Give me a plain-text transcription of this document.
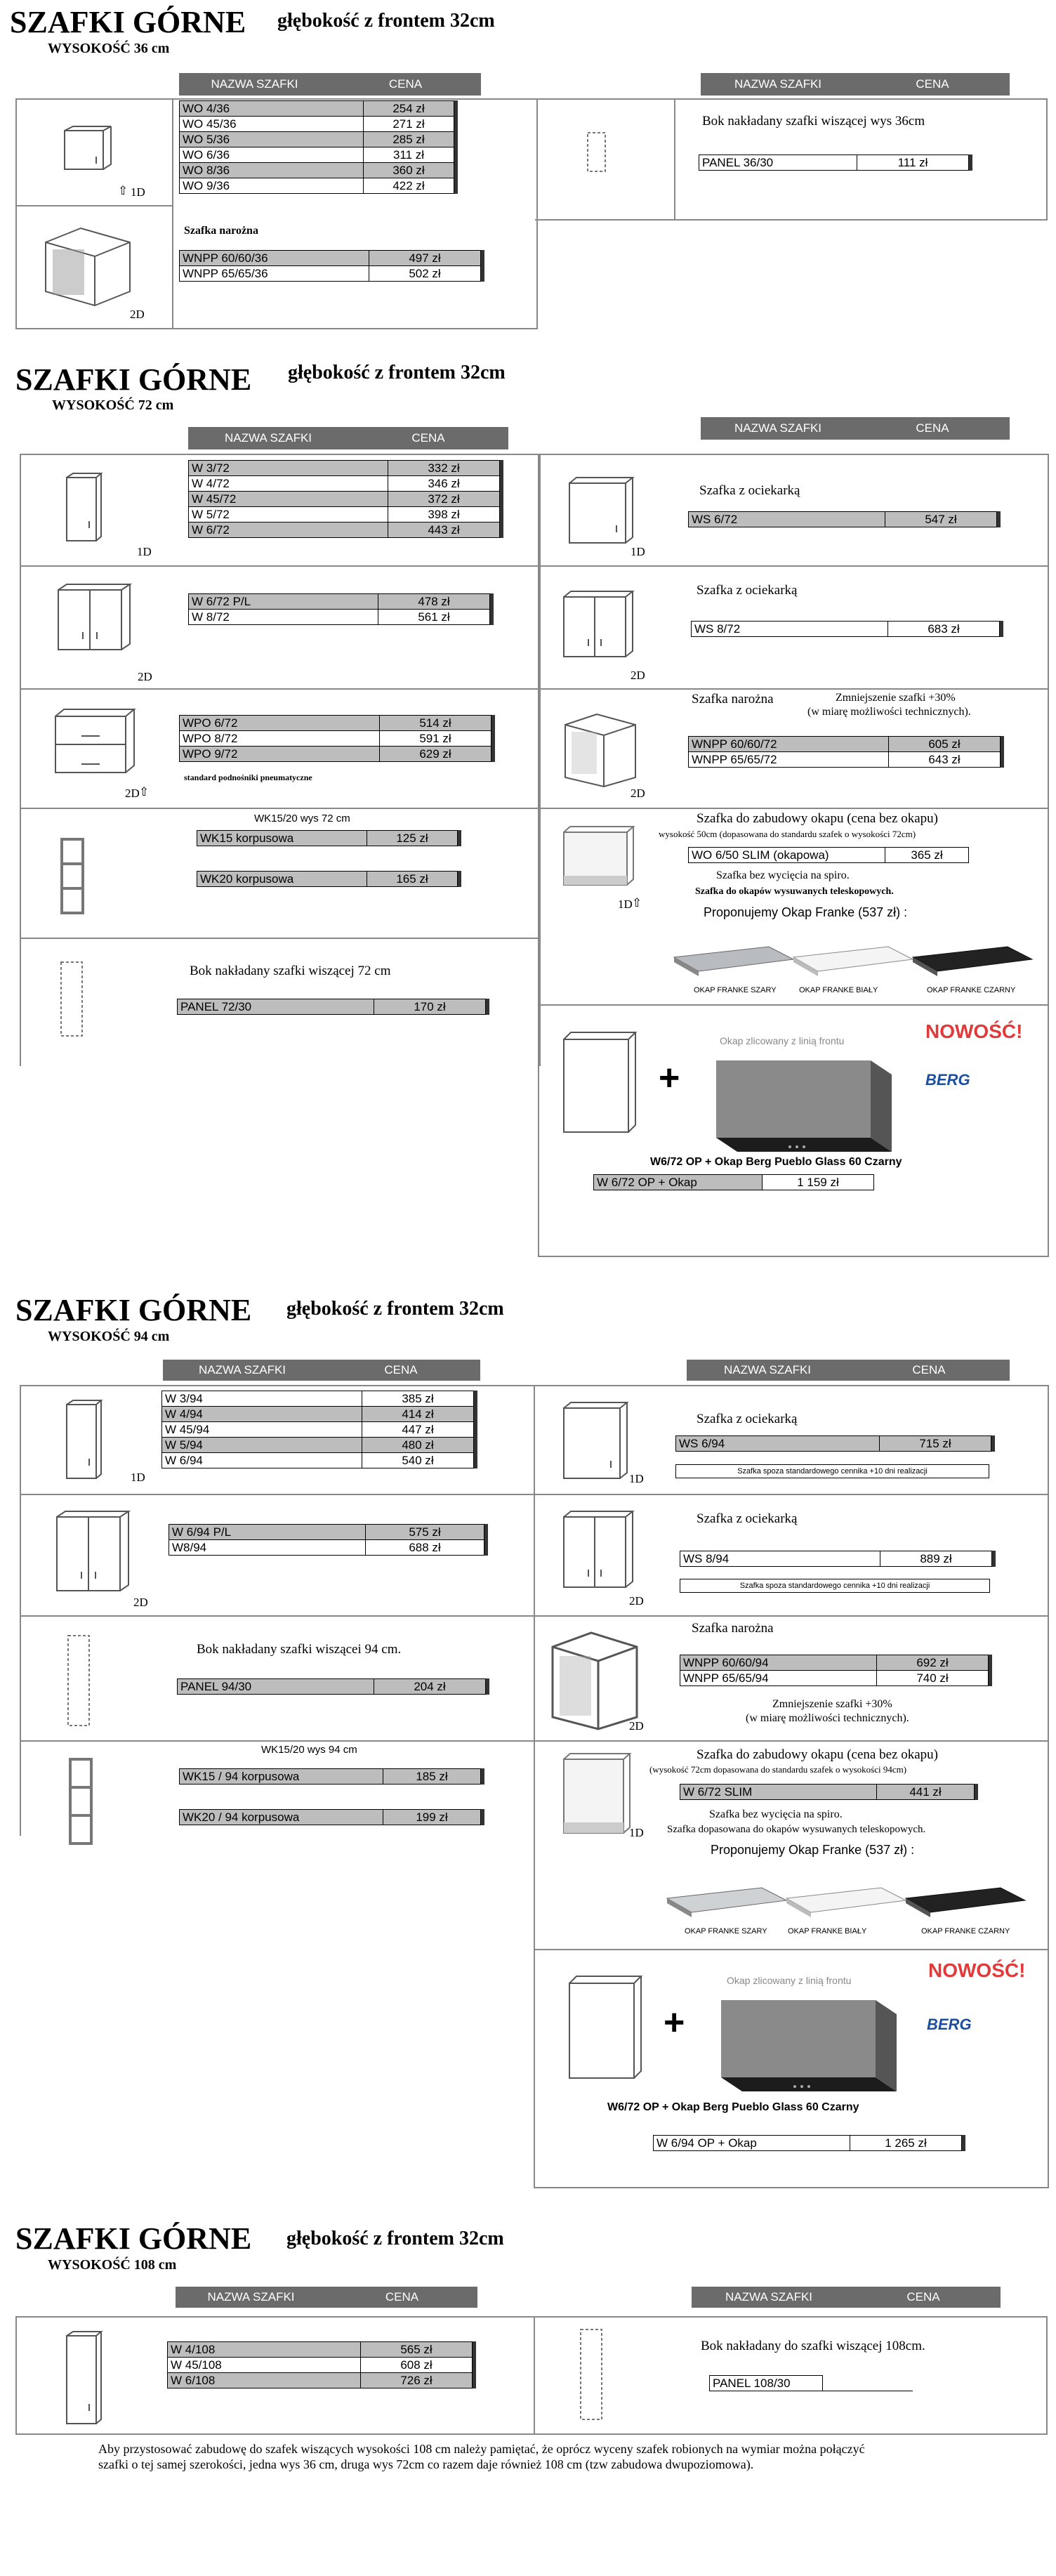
SZAFKI GÓRNE głębokość z frontem 32cm
WYSOKOŚĆ 36 cm
NAZWA SZAFKI	CENA	NAZWA SZAFKI	CENA
⇧ 1D
2D
WO 4/36	254 zł
WO 45/36	271 zł
WO 5/36	285 zł
WO 6/36	311 zł
WO 8/36	360 zł
WO 9/36	422 zł
Szafka narożna
WNPP 60/60/36	497 zł
WNPP 65/65/36	502 zł
Bok nakładany szafki wiszącej wys 36cm
PANEL 36/30	111 zł
SZAFKI GÓRNE głębokość z frontem 32cm
WYSOKOŚĆ 72 cm
NAZWA SZAFKI	CENA
NAZWA SZAFKI	CENA
1D
2D
2D ⇧
W 3/72	332 zł
W 4/72	346 zł
W 45/72	372 zł
W 5/72	398 zł
W 6/72	443 zł
W 6/72 P/L	478 zł
W 8/72	561 zł
WPO 6/72	514 zł
WPO 8/72	591 zł
WPO 9/72	629 zł
standard podnośniki pneumatyczne
WK15/20 wys 72 cm
WK15 korpusowa	125 zł
WK20 korpusowa	165 zł
Bok nakładany szafki wiszącej 72 cm
PANEL 72/30	170 zł
1D
2D
2D
1D ⇧
Szafka z ociekarką
WS 6/72	547 zł
Szafka z ociekarką
WS 8/72	683 zł
Szafka narożna	Zmniejszenie szafki +30%
(w miarę możliwości technicznych).
WNPP 60/60/72	605 zł
WNPP 65/65/72	643 zł
Szafka do zabudowy okapu (cena bez okapu)
wysokość 50cm (dopasowana do standardu szafek o wysokości 72cm)
WO 6/50 SLIM (okapowa)	365 zł
Szafka bez wycięcia na spiro.
Szafka do okapów wysuwanych teleskopowych.
Proponujemy Okap Franke (537 zł) :
OKAP FRANKE SZARY	OKAP FRANKE BIAŁY	OKAP FRANKE CZARNY
+
Okap zlicowany z linią frontu	NOWOŚĆ!
BERG
W6/72 OP + Okap Berg Pueblo Glass 60 Czarny
W 6/72 OP + Okap	1 159 zł
SZAFKI GÓRNE głębokość z frontem 32cm
WYSOKOŚĆ 94 cm
NAZWA SZAFKI	CENA	NAZWA SZAFKI	CENA
1D
2D
W 3/94	385 zł
W 4/94	414 zł
W 45/94	447 zł
W 5/94	480 zł
W 6/94	540 zł
W 6/94 P/L	575 zł
W8/94	688 zł
Bok nakładany szafki wiszącei 94 cm.
PANEL 94/30	204 zł
WK15/20 wys 94 cm
WK15 / 94 korpusowa	185 zł
WK20 / 94 korpusowa	199 zł
1D
2D
2D
1D
Szafka z ociekarką
WS 6/94	715 zł
Szafka spoza standardowego cennika +10 dni realizacji
Szafka z ociekarką
WS 8/94	889 zł
Szafka spoza standardowego cennika +10 dni realizacji
Szafka narożna
WNPP 60/60/94	692 zł
WNPP 65/65/94	740 zł
Zmniejszenie szafki +30%
(w miarę możliwości technicznych).
Szafka do zabudowy okapu (cena bez okapu)
(wysokość 72cm dopasowana do standardu szafek o wysokości 94cm)
W 6/72 SLIM	441 zł
Szafka bez wycięcia na spiro.
Szafka dopasowana do okapów wysuwanych teleskopowych.
Proponujemy Okap Franke (537 zł) :
OKAP FRANKE SZARY	OKAP FRANKE BIAŁY	OKAP FRANKE CZARNY
+
Okap zlicowany z linią frontu	NOWOŚĆ!
BERG
W6/72 OP + Okap Berg Pueblo Glass 60 Czarny
W 6/94 OP + Okap	1 265 zł
SZAFKI GÓRNE głębokość z frontem 32cm
WYSOKOŚĆ 108 cm
NAZWA SZAFKI	CENA	NAZWA SZAFKI	CENA
W 4/108	565 zł
W 45/108	608 zł
W 6/108	726 zł
Bok nakładany do szafki wiszącej 108cm.
PANEL 108/30	
Aby przystosować zabudowę do szafek wiszących wysokości 108 cm należy pamiętać, że oprócz wyceny szafek robionych na wymiar można połączyć szafki o tej samej szerokości, jedna wys 36 cm, druga wys 72cm co razem daje również 108 cm (tzw zabudowa dwupoziomowa).
